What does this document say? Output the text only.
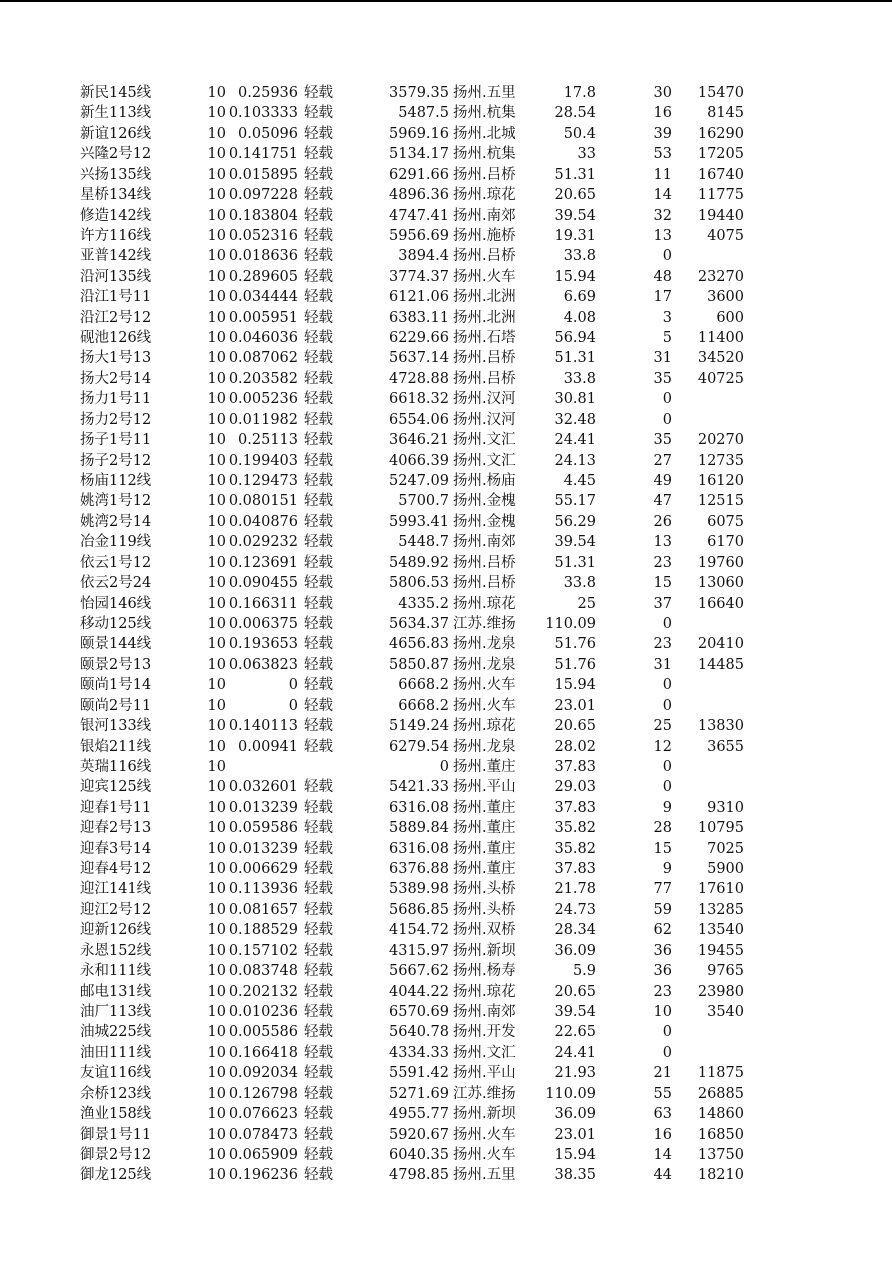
新民145线	10 0.25936 轻载	3579.35 扬州.五里	17.8	30	15470
新生113线	10 0.103333 轻载	5487.5 扬州.杭集	28.54	16	8145
新谊126线	10 0.05096 轻载	5969.16 扬州.北城	50.4	39	16290
兴隆2号12	10 0.141751 轻载	5134.17 扬州.杭集	33	53	17205
兴扬135线	10 0.015895 轻载	6291.66 扬州.吕桥	51.31	11	16740
星桥134线	10 0.097228 轻载	4896.36 扬州.琼花	20.65	14	11775
修造142线	10 0.183804 轻载	4747.41 扬州.南郊	39.54	32	19440
许方116线	10 0.052316 轻载	5956.69 扬州.施桥	19.31	13	4075
亚普142线	10 0.018636 轻载	3894.4 扬州.吕桥	33.8	0
沿河135线	10 0.289605 轻载	3774.37 扬州.火车	15.94	48	23270
沿江1号11	10 0.034444 轻载	6121.06 扬州.北洲	6.69	17	3600
沿江2号12	10 0.005951 轻载	6383.11 扬州.北洲	4.08	3	600
砚池126线	10 0.046036 轻载	6229.66 扬州.石塔	56.94	5	11400
扬大1号13	10 0.087062 轻载	5637.14 扬州.吕桥	51.31	31	34520
扬大2号14	10 0.203582 轻载	4728.88 扬州.吕桥	33.8	35	40725
扬力1号11	10 0.005236 轻载	6618.32 扬州.汉河	30.81	0
扬力2号12	10 0.011982 轻载	6554.06 扬州.汉河	32.48	0
扬子1号11	10 0.25113 轻载	3646.21 扬州.文汇	24.41	35	20270
扬子2号12	10 0.199403 轻载	4066.39 扬州.文汇	24.13	27	12735
杨庙112线	10 0.129473 轻载	5247.09 扬州.杨庙	4.45	49	16120
姚湾1号12	10 0.080151 轻载	5700.7 扬州.金槐	55.17	47	12515
姚湾2号14	10 0.040876 轻载	5993.41 扬州.金槐	56.29	26	6075
冶金119线	10 0.029232 轻载	5448.7 扬州.南郊	39.54	13	6170
依云1号12	10 0.123691 轻载	5489.92 扬州.吕桥	51.31	23	19760
依云2号24	10 0.090455 轻载	5806.53 扬州.吕桥	33.8	15	13060
怡园146线	10 0.166311 轻载	4335.2 扬州.琼花	25	37	16640
移动125线	10 0.006375 轻载	5634.37 江苏.维扬	110.09	0
颐景144线	10 0.193653 轻载	4656.83 扬州.龙泉	51.76	23	20410
颐景2号13	10 0.063823 轻载	5850.87 扬州.龙泉	51.76	31	14485
颐尚1号14	10	0 轻载	6668.2 扬州.火车	15.94	0
颐尚2号11	10	0 轻载	6668.2 扬州.火车	23.01	0
银河133线	10 0.140113 轻载	5149.24 扬州.琼花	20.65	25	13830
银焰211线	10 0.00941 轻载	6279.54 扬州.龙泉	28.02	12	3655
英瑞116线	10	0 扬州.董庄	37.83	0
迎宾125线	10 0.032601 轻载	5421.33 扬州.平山	29.03	0
迎春1号11	10 0.013239 轻载	6316.08 扬州.董庄	37.83	9	9310
迎春2号13	10 0.059586 轻载	5889.84 扬州.董庄	35.82	28	10795
迎春3号14	10 0.013239 轻载	6316.08 扬州.董庄	35.82	15	7025
迎春4号12	10 0.006629 轻载	6376.88 扬州.董庄	37.83	9	5900
迎江141线	10 0.113936 轻载	5389.98 扬州.头桥	21.78	77	17610
迎江2号12	10 0.081657 轻载	5686.85 扬州.头桥	24.73	59	13285
迎新126线	10 0.188529 轻载	4154.72 扬州.双桥	28.34	62	13540
永恩152线	10 0.157102 轻载	4315.97 扬州.新坝	36.09	36	19455
永和111线	10 0.083748 轻载	5667.62 扬州.杨寿	5.9	36	9765
邮电131线	10 0.202132 轻载	4044.22 扬州.琼花	20.65	23	23980
油厂113线	10 0.010236 轻载	6570.69 扬州.南郊	39.54	10	3540
油城225线	10 0.005586 轻载	5640.78 扬州.开发	22.65	0
油田111线	10 0.166418 轻载	4334.33 扬州.文汇	24.41	0
友谊116线	10 0.092034 轻载	5591.42 扬州.平山	21.93	21	11875
余桥123线	10 0.126798 轻载	5271.69 江苏.维扬	110.09	55	26885
渔业158线	10 0.076623 轻载	4955.77 扬州.新坝	36.09	63	14860
御景1号11	10 0.078473 轻载	5920.67 扬州.火车	23.01	16	16850
御景2号12	10 0.065909 轻载	6040.35 扬州.火车	15.94	14	13750
御龙125线	10 0.196236 轻载	4798.85 扬州.五里	38.35	44	18210
